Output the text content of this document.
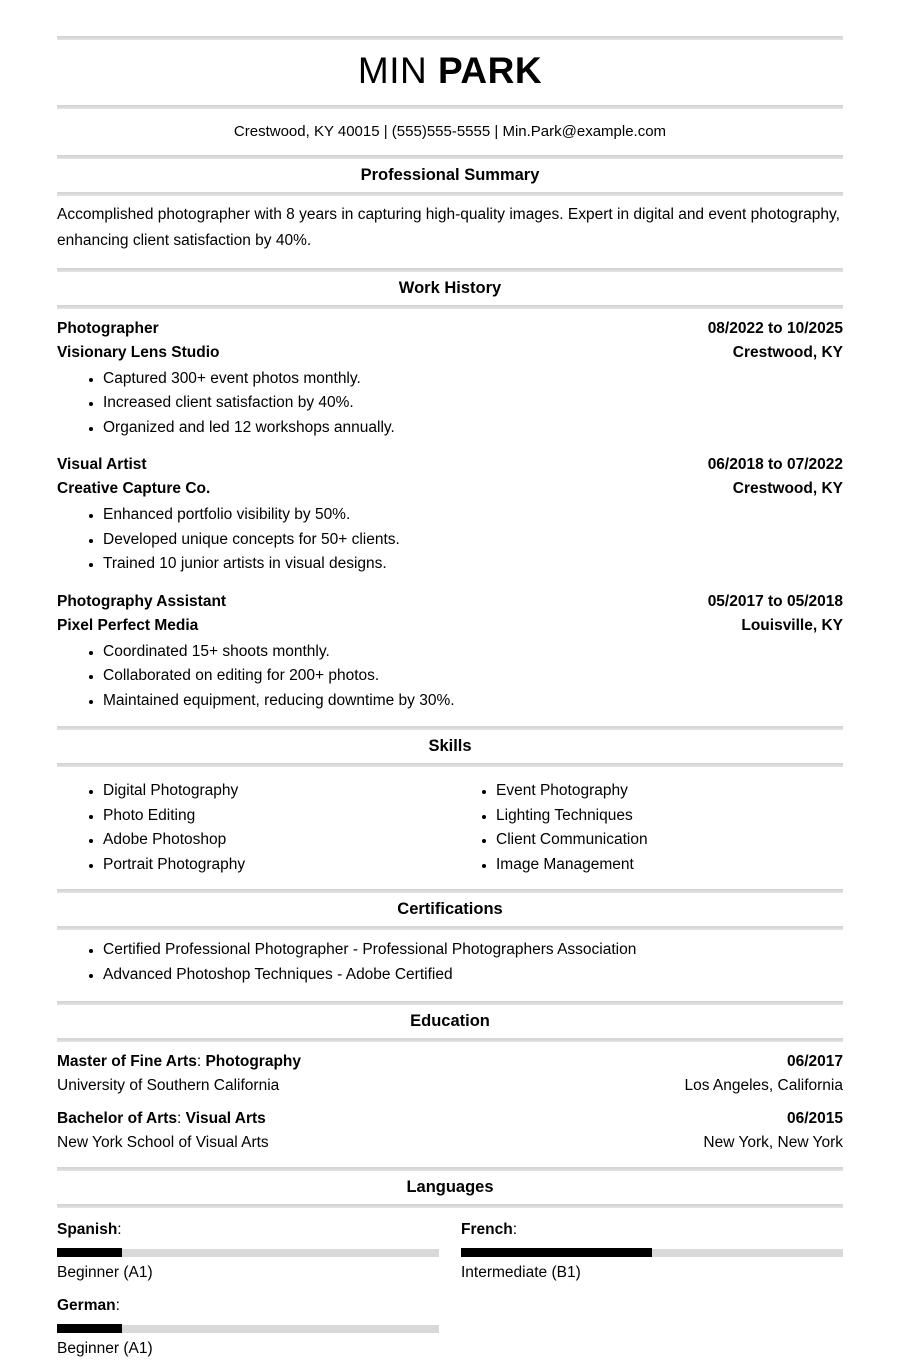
MIN PARK
Crestwood, KY 40015 | (555)555-5555 | Min.Park@example.com
Professional Summary

Accomplished photographer with 8 years in capturing high-quality images. Expert in digital and event photography, enhancing client satisfaction by 40%.

Work History
Photographer	08/2022 to 10/2025
Visionary Lens Studio	Crestwood, KY
• Captured 300+ event photos monthly.
• Increased client satisfaction by 40%.
• Organized and led 12 workshops annually.
Visual Artist	06/2018 to 07/2022
Creative Capture Co.	Crestwood, KY
• Enhanced portfolio visibility by 50%.
• Developed unique concepts for 50+ clients.
• Trained 10 junior artists in visual designs.
Photography Assistant	05/2017 to 05/2018
Pixel Perfect Media	Louisville, KY
• Coordinated 15+ shoots monthly.
• Collaborated on editing for 200+ photos.
• Maintained equipment, reducing downtime by 30%.
Skills
• Digital Photography
• Photo Editing
• Adobe Photoshop
• Portrait Photography
• Event Photography
• Lighting Techniques
• Client Communication
• Image Management
Certifications
• Certified Professional Photographer - Professional Photographers Association
• Advanced Photoshop Techniques - Adobe Certified
Education
Master of Fine Arts: Photography	06/2017
University of Southern California	Los Angeles, California
Bachelor of Arts: Visual Arts	06/2015
New York School of Visual Arts	New York, New York
Languages
Spanish:
Beginner (A1)
French:
Intermediate (B1)
German:
Beginner (A1)
